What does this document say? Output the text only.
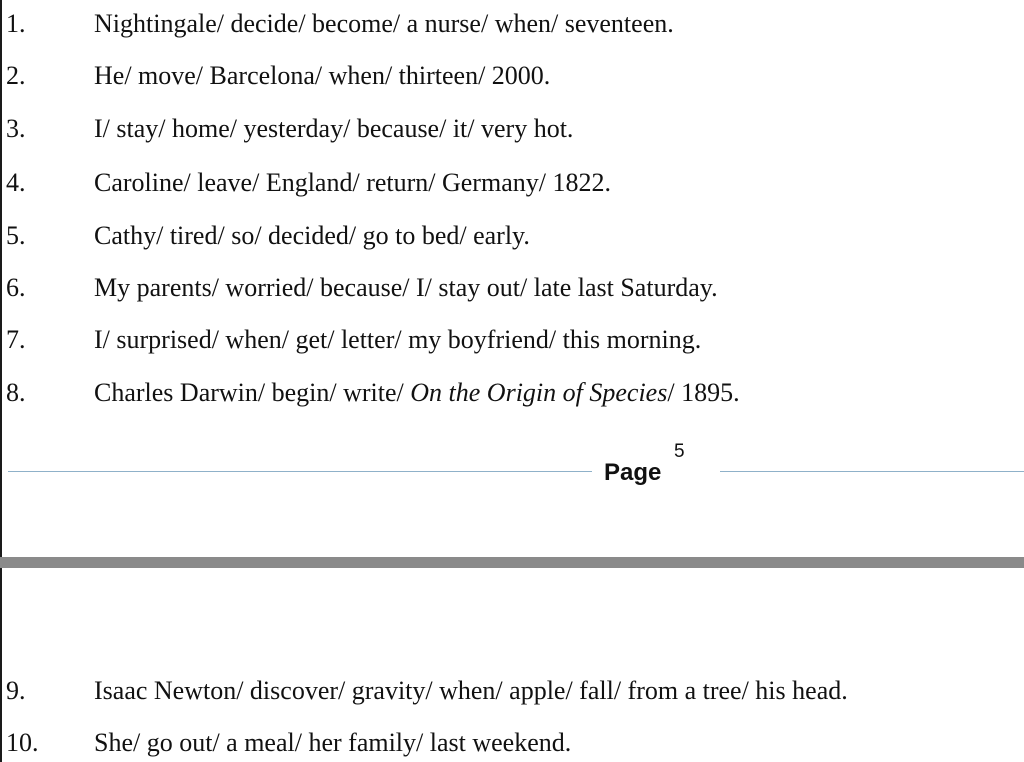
1.	Nightingale/ decide/ become/ a nurse/ when/ seventeen.
2.	He/ move/ Barcelona/ when/ thirteen/ 2000.
3.	I/ stay/ home/ yesterday/ because/ it/ very hot.
4.	Caroline/ leave/ England/ return/ Germany/ 1822.
5.	Cathy/ tired/ so/ decided/ go to bed/ early.
6.	My parents/ worried/ because/ I/ stay out/ late last Saturday.
7.	I/ surprised/ when/ get/ letter/ my boyfriend/ this morning.
8.	Charles Darwin/ begin/ write/ On the Origin of Species/ 1895.
Page
5
9.	Isaac Newton/ discover/ gravity/ when/ apple/ fall/ from a tree/ his head.
10. She/ go out/ a meal/ her family/ last weekend.
